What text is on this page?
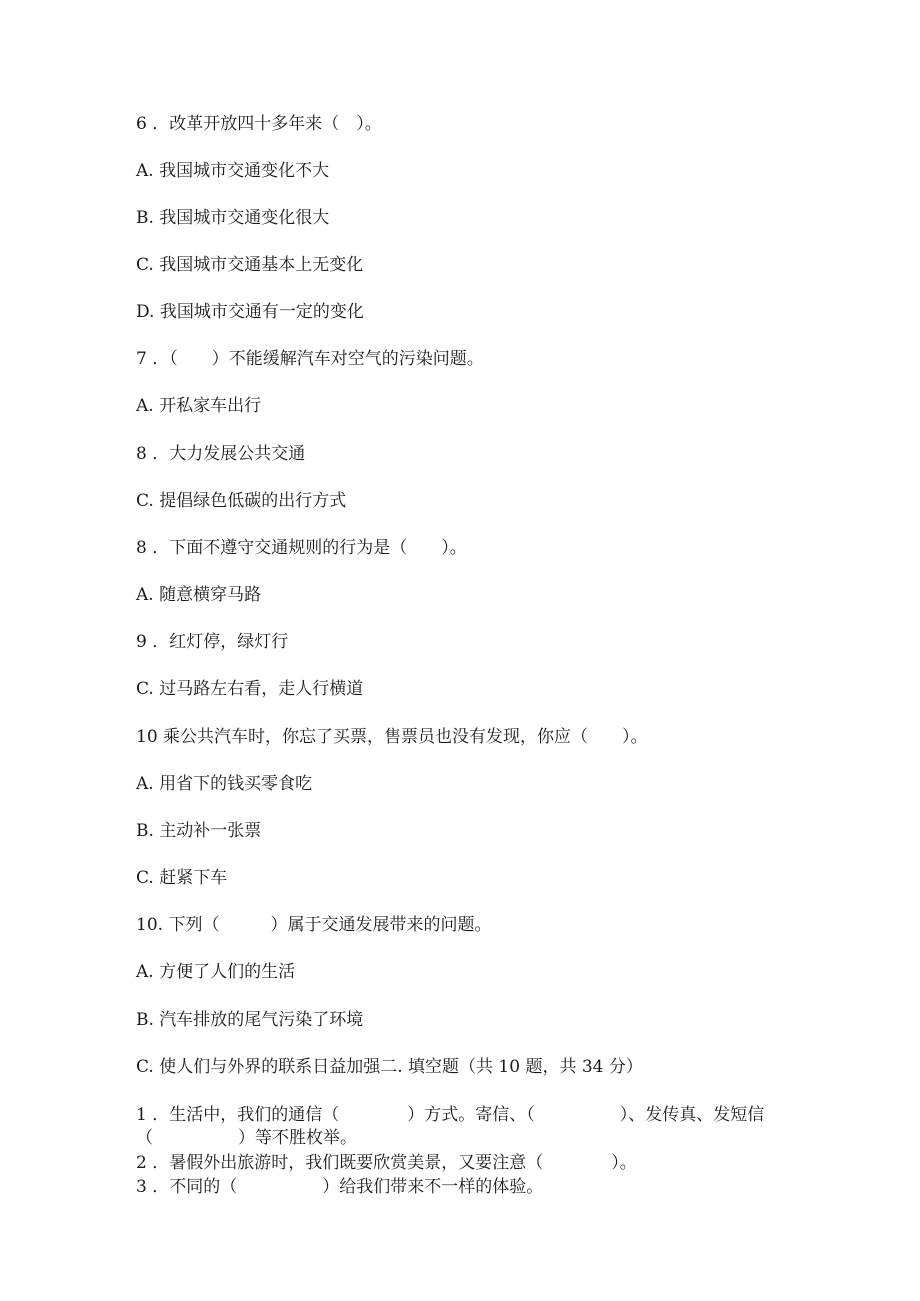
6 ．改革开放四十多年来（　）。
A. 我国城市交通变化不大
B. 我国城市交通变化很大
C. 我国城市交通基本上无变化
D. 我国城市交通有一定的变化
7 ．（　　）不能缓解汽车对空气的污染问题。
A. 开私家车出行
8 ．大力发展公共交通
C. 提倡绿色低碳的出行方式
8 ．下面不遵守交通规则的行为是（　　）。
A. 随意横穿马路
9 ．红灯停，绿灯行
C. 过马路左右看，走人行横道
10 乘公共汽车时，你忘了买票，售票员也没有发现，你应（　　）。
A. 用省下的钱买零食吃
B. 主动补一张票
C. 赶紧下车
10. 下列（　　　）属于交通发展带来的问题。
A. 方便了人们的生活
B. 汽车排放的尾气污染了环境
C. 使人们与外界的联系日益加强二. 填空题（共 10 题，共 34 分）
1 ．生活中，我们的通信（　　　　）方式。寄信、（　　　　　）、发传真、发短信（　　　　　）等不胜枚举。
2 ．暑假外出旅游时，我们既要欣赏美景，又要注意（　　　　）。
3 ．不同的（　　　　　）给我们带来不一样的体验。
